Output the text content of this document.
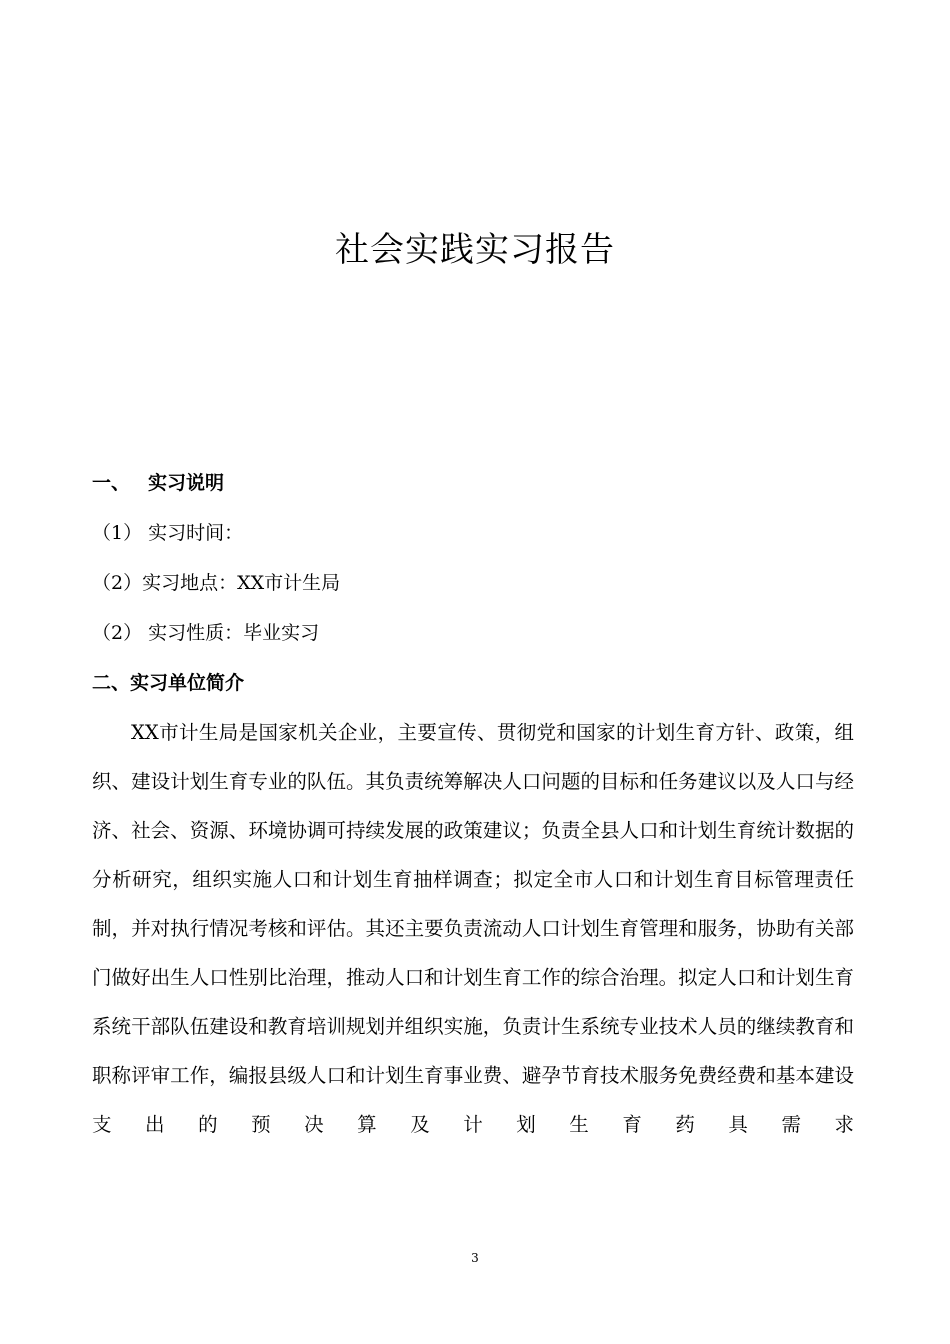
社会实践实习报告

一、 实习说明

（1） 实习时间：

（2）实习地点：XX市计生局

（2） 实习性质：毕业实习

二、实习单位简介

XX市计生局是国家机关企业，主要宣传、贯彻党和国家的计划生育方针、政策，组织、建设计划生育专业的队伍。其负责统筹解决人口问题的目标和任务建议以及人口与经济、社会、资源、环境协调可持续发展的政策建议；负责全县人口和计划生育统计数据的分析研究，组织实施人口和计划生育抽样调查；拟定全市人口和计划生育目标管理责任制，并对执行情况考核和评估。其还主要负责流动人口计划生育管理和服务，协助有关部门做好出生人口性别比治理，推动人口和计划生育工作的综合治理。拟定人口和计划生育系统干部队伍建设和教育培训规划并组织实施，负责计生系统专业技术人员的继续教育和职称评审工作，编报县级人口和计划生育事业费、避孕节育技术服务免费经费和基本建设支出的预决算及计划生育药具需求

3
